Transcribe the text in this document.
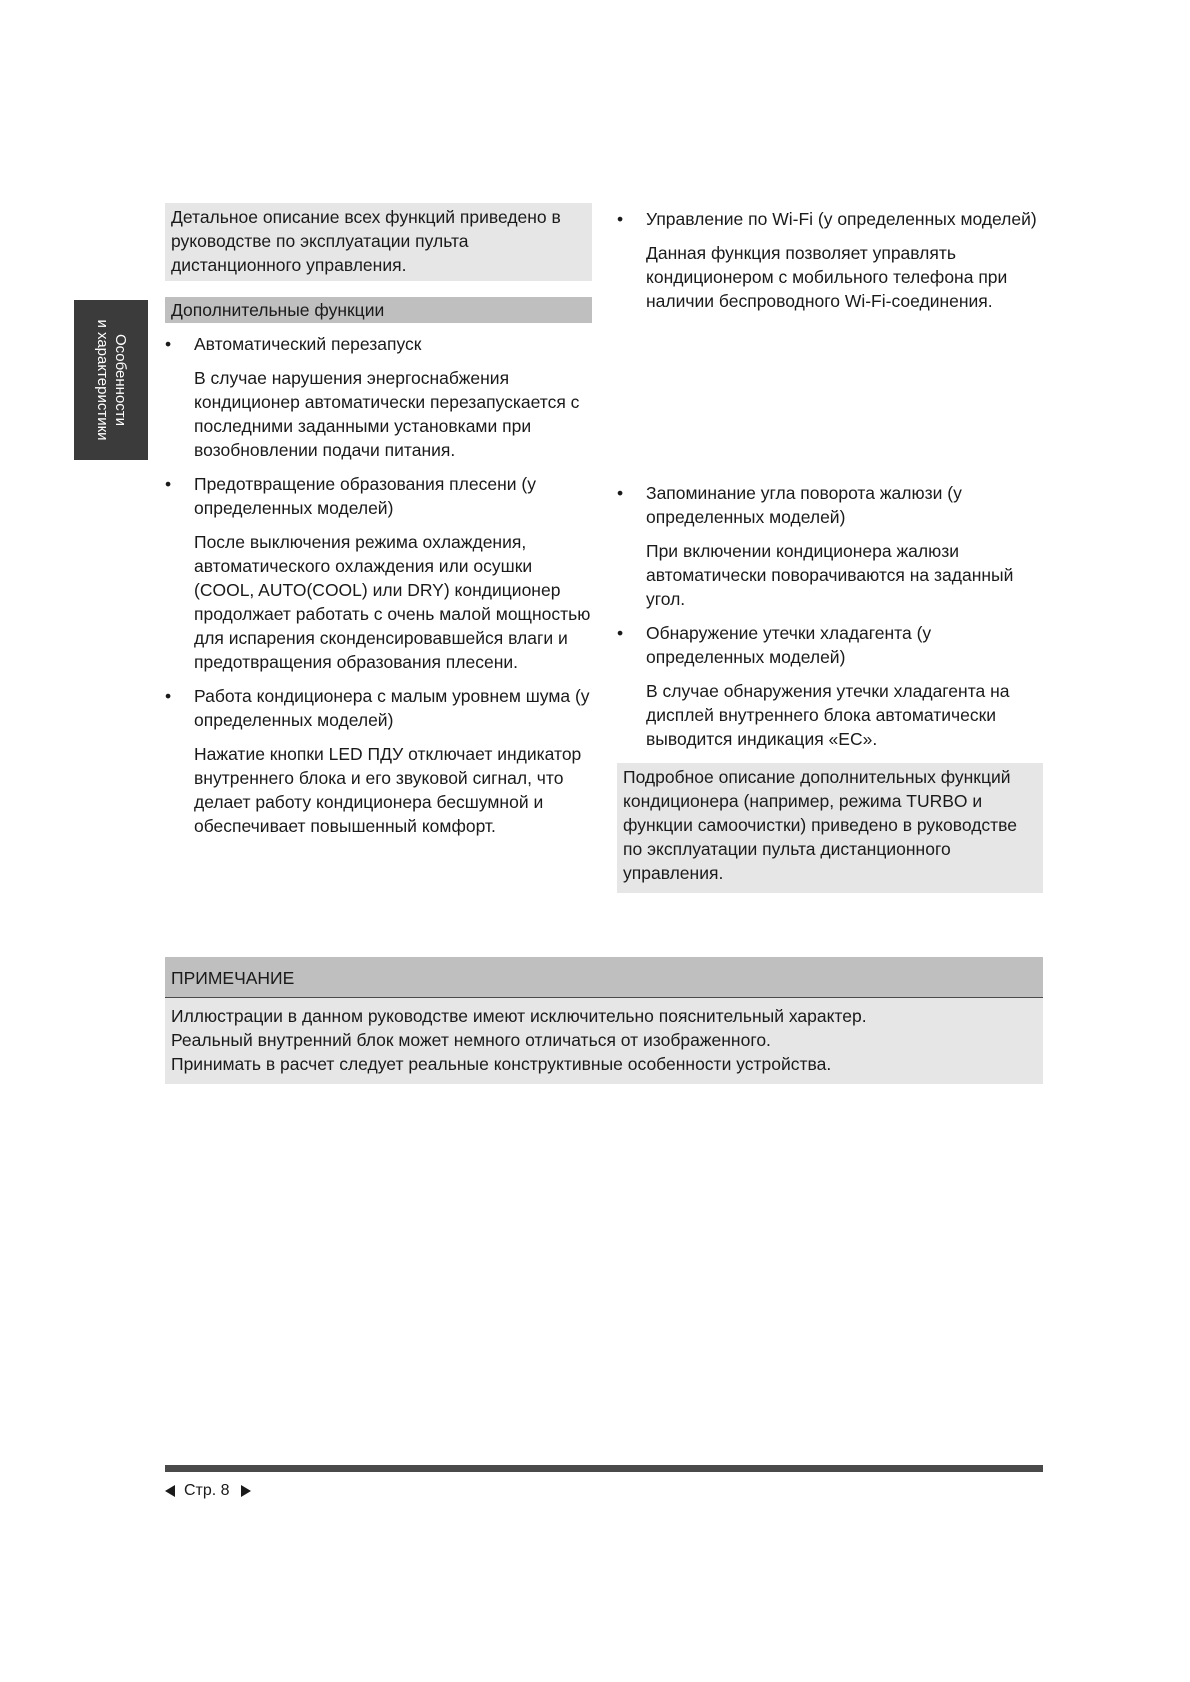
Особенности
и характеристики
Детальное описание всех функций приведено в руководстве по эксплуатации пульта дистанционного управления.
Дополнительные функции
•	Автоматический перезапуск
В случае нарушения энергоснабжения кондиционер автоматически перезапускается с последними заданными установками при возобновлении подачи питания.
•	Предотвращение образования плесени (у определенных моделей)
После выключения режима охлаждения, автоматического охлаждения или осушки (COOL, AUTO(COOL) или DRY) кондиционер продолжает работать с очень малой мощностью для испарения сконденсировавшейся влаги и предотвращения образования плесени.
•	Работа кондиционера с малым уровнем шума (у определенных моделей)
Нажатие кнопки LED ПДУ отключает индикатор внутреннего блока и его звуковой сигнал, что делает работу кондиционера бесшумной и обеспечивает повышенный комфорт.
•	Управление по Wi-Fi (у определенных моделей)
Данная функция позволяет управлять кондиционером с мобильного телефона при наличии беспроводного Wi-Fi-соединения.
•	Запоминание угла поворота жалюзи (у определенных моделей)
При включении кондиционера жалюзи автоматически поворачиваются на заданный угол.
•	Обнаружение утечки хладагента (у определенных моделей)
В случае обнаружения утечки хладагента на дисплей внутреннего блока автоматически выводится индикация «EC».
Подробное описание дополнительных функций кондиционера (например, режима TURBO и функции самоочистки) приведено в руководстве по эксплуатации пульта дистанционного управления.
ПРИМЕЧАНИЕ
Иллюстрации в данном руководстве имеют исключительно пояснительный характер.
Реальный внутренний блок может немного отличаться от изображенного.
Принимать в расчет следует реальные конструктивные особенности устройства.
Стр. 8
